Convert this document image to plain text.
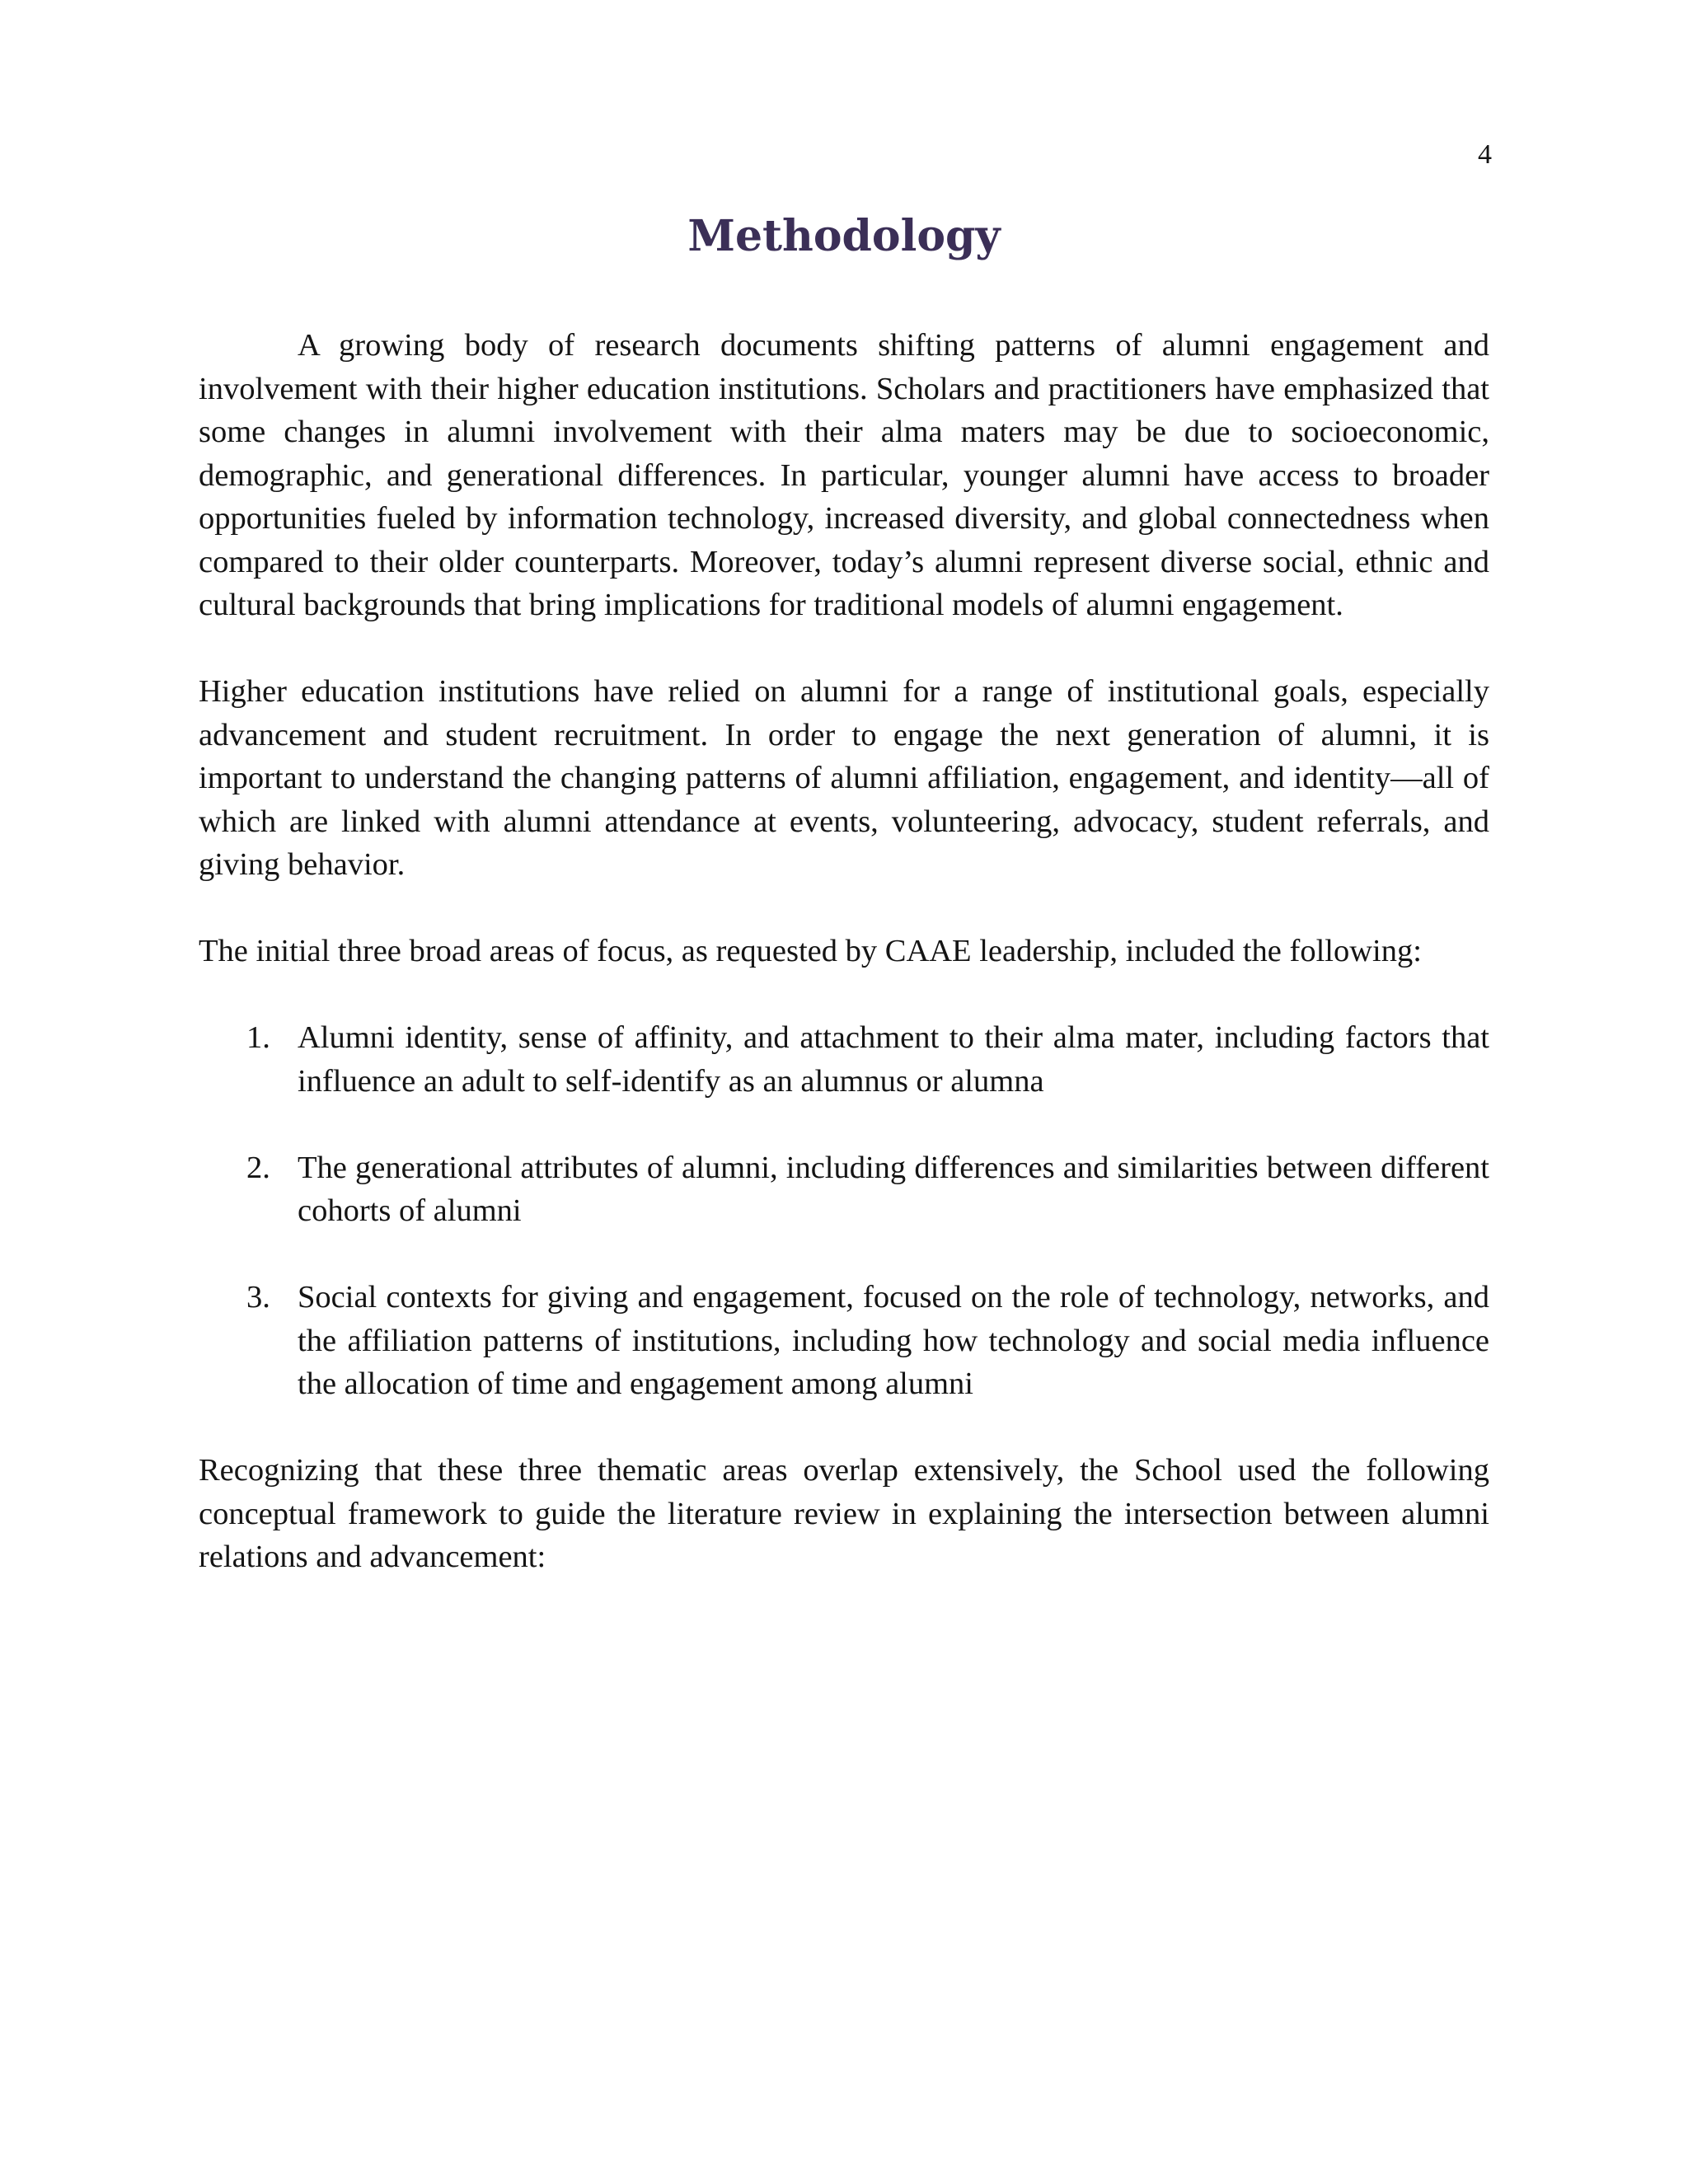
4
Methodology

A growing body of research documents shifting patterns of alumni engagement and involvement with their higher education institutions. Scholars and practitioners have emphasized that some changes in alumni involvement with their alma maters may be due to socioeconomic, demographic, and generational differences. In particular, younger alumni have access to broader opportunities fueled by information technology, increased diversity, and global connectedness when compared to their older counterparts. Moreover, today’s alumni represent diverse social, ethnic and cultural backgrounds that bring implications for traditional models of alumni engagement.

Higher education institutions have relied on alumni for a range of institutional goals, especially advancement and student recruitment. In order to engage the next generation of alumni, it is important to understand the changing patterns of alumni affiliation, engagement, and identity—all of which are linked with alumni attendance at events, volunteering, advocacy, student referrals, and giving behavior.

The initial three broad areas of focus, as requested by CAAE leadership, included the following:

1. Alumni identity, sense of affinity, and attachment to their alma mater, including factors that influence an adult to self-identify as an alumnus or alumna
2. The generational attributes of alumni, including differences and similarities between different cohorts of alumni
3. Social contexts for giving and engagement, focused on the role of technology, networks, and the affiliation patterns of institutions, including how technology and social media influence the allocation of time and engagement among alumni

Recognizing that these three thematic areas overlap extensively, the School used the following conceptual framework to guide the literature review in explaining the intersection between alumni relations and advancement:
